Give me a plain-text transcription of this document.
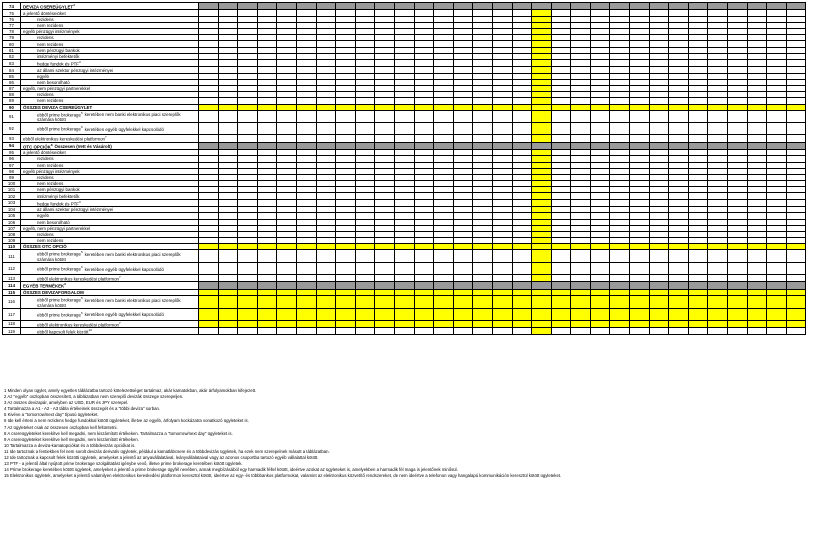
74	DEVIZA CSEREÜGYLET$^4$																															
75	a jelentő döntéseiöket																															
76	rezidens																															
77	nem rezidens																															
78	egyéb pénzügyi intézmények																															
79	rezidens																															
80	nem rezidens																															
81	nem pénzügyi bankok																															
82	intézményi befektetők																															
83	hedge fundok és PTF$^3$																															
84	az állami szektor pénzügyi intézményei																															
85	egyéb																															
86	nem besorolható																															
87	egyéb, nem pénzügyi partnerekkel																															
88	rezidens																															
89	nem rezidens																															
90	ÖSSZES DEVIZA CSEREÜGYLET																															
91	ebből prime brokerage$^5$ keretében nem banki elektronikus piaci szereplők számára kötött																															
92	ebből prime brokerage$^6$ keretében egyéb ügyfelekkel kapcsolódó																															
93	ebből elektronikus kereskedési platformon$^7$																															
94	OTC OPCIÓK$^8$ Összesen (Vett és Vásárolt)																															
95	a jelentő döntéseiöket																															
96	rezidens																															
97	nem rezidens																															
98	egyéb pénzügyi intézmények																															
99	rezidens																															
100	nem rezidens																															
101	nem pénzügyi bankok																															
102	intézményi befektetők																															
103	hedge fundok és PTF$^3$																															
104	az állami szektor pénzügyi intézményei																															
105	egyéb																															
106	nem besorolható																															
107	egyéb, nem pénzügyi partnerekkel																															
108	rezidens																															
109	nem rezidens																															
110	ÖSSZES OTC OPCIÓ																															
111	ebből prime brokerage$^5$ keretében nem banki elektronikus piaci szereplők számára kötött																															
112	ebből prime brokerage$^6$ keretében egyéb ügyfelekkel kapcsolódó																															
113	ebből elektronikus kereskedési platformon$^7$																															
114	EGYÉB TERMÉKEK$^9$																															
115	ÖSSZES DEVIZAFORGALOM																															
116	ebből prime brokerage$^5$ keretében nem banki elektronikus piaci szereplők számára kötött																															
117	ebből prime brokerage$^6$ keretében egyéb ügyfelekkel kapcsolódó																															
118	ebből elektronikus kereskedési platformon$^7$																															
119	ebből kapcsolt felek között$^{10}$																															
1 Minden olyan ügylet, amely egyetlen táblázatba tartozó kötelezettséget tartalmaz, akár kamatokban, akár árfolyamokban kifejezett.
2 Az "egyéb" oszlopban összesített, a táblázatban nem szereplő devizák összege szerepeljen.
3 Az összes devizapár, amelyben az USD, EUR és JPY szerepel.
4 Tartalmazza a A1 - A2 - A3 tábla értékeinek összegét és a "többi deviza" sorban.
5 Kivéve a "tomorrow/next day" típusú ügyleteket.
6 Ide kell érteni a nem rezidens hedge fundokkal kötött ügyleteket, illetve az egyéb, árfolyam kockázatra vonatkozó ügyleteket is.
7 Az ügyleteket csak az összesen oszlopban kell feltüntetni.
8 A csereügyleteket kerekítve kell megadni, nem kiszámított értékeken. Tartalmazza a "tomorrow/next day" ügyleteket is.
9 A csereügyleteket kerekítve kell megadni, nem kiszámított értékeken.
10 Tartalmazza a deviza-kamatopciókat és a többdevizás opciókat is.
11 Ide tartoznak a fentiekben fel nem sorolt devizás derivatív ügyletek, például a kamatlábcsere és a többdevizás ügyletek, ha ezek nem szerepelnek másutt a táblázatban.
12 Ide tartoznak a kapcsolt felek közötti ügyletek, amelyeket a jelentő az anyavállalatával, leányvállalataival vagy az azonos csoportba tartozó egyéb vállalattal kötött.
13 PTF - a jelentő által nyújtott prime brokerage szolgáltatást igénybe vevő, illetve prime brokerage keretében kötött ügyletek.
14 Prime brokerage keretében kötött ügyletek, amelyeket a jelentő a prime brokerage ügyfél nevében, annak megbízásából egy harmadik féllel kötött, ideértve azokat az ügyleteket is, amelyekben a harmadik fél maga is jelentőnek minősül.
15 Elektronikus ügyletek, amelyeket a jelentő valamilyen elektronikus kereskedési platformon keresztül kötött, ideértve az egy- és többbankos platformokat, valamint az elektronikus közvetítő rendszereket, de nem ideértve a telefonon vagy hangalapú kommunikáción keresztül kötött ügyleteket.
